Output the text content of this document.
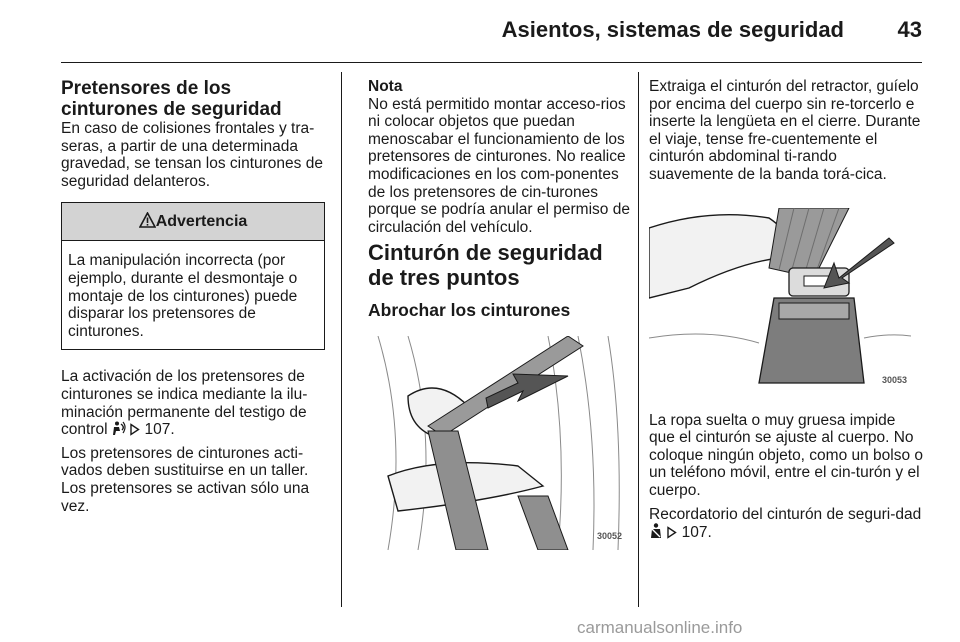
Asientos, sistemas de seguridad	43
Pretensores de los cinturones de seguridad

En caso de colisiones frontales y tra-seras, a partir de una determinada gravedad, se tensan los cinturones de seguridad delanteros.

Advertencia
La manipulación incorrecta (por ejemplo, durante el desmontaje o montaje de los cinturones) puede disparar los pretensores de cinturones.

La activación de los pretensores de cinturones se indica mediante la ilu-minación permanente del testigo de control 107.

Los pretensores de cinturones acti-vados deben sustituirse en un taller. Los pretensores se activan sólo una vez.

Nota
No está permitido montar acceso-rios ni colocar objetos que puedan menoscabar el funcionamiento de los pretensores de cinturones. No realice modificaciones en los com-ponentes de los pretensores de cin-turones porque se podría anular el permiso de circulación del vehículo.

Cinturón de seguridad de tres puntos
Abrochar los cinturones
30052

Extraiga el cinturón del retractor, guíelo por encima del cuerpo sin re-torcerlo e inserte la lengüeta en el cierre. Durante el viaje, tense fre-cuentemente el cinturón abdominal ti-rando suavemente de la banda torá-cica.

30053

La ropa suelta o muy gruesa impide que el cinturón se ajuste al cuerpo. No coloque ningún objeto, como un bolso o un teléfono móvil, entre el cin-turón y el cuerpo.

Recordatorio del cinturón de seguri-dad   107.

carmanualsonline.info
